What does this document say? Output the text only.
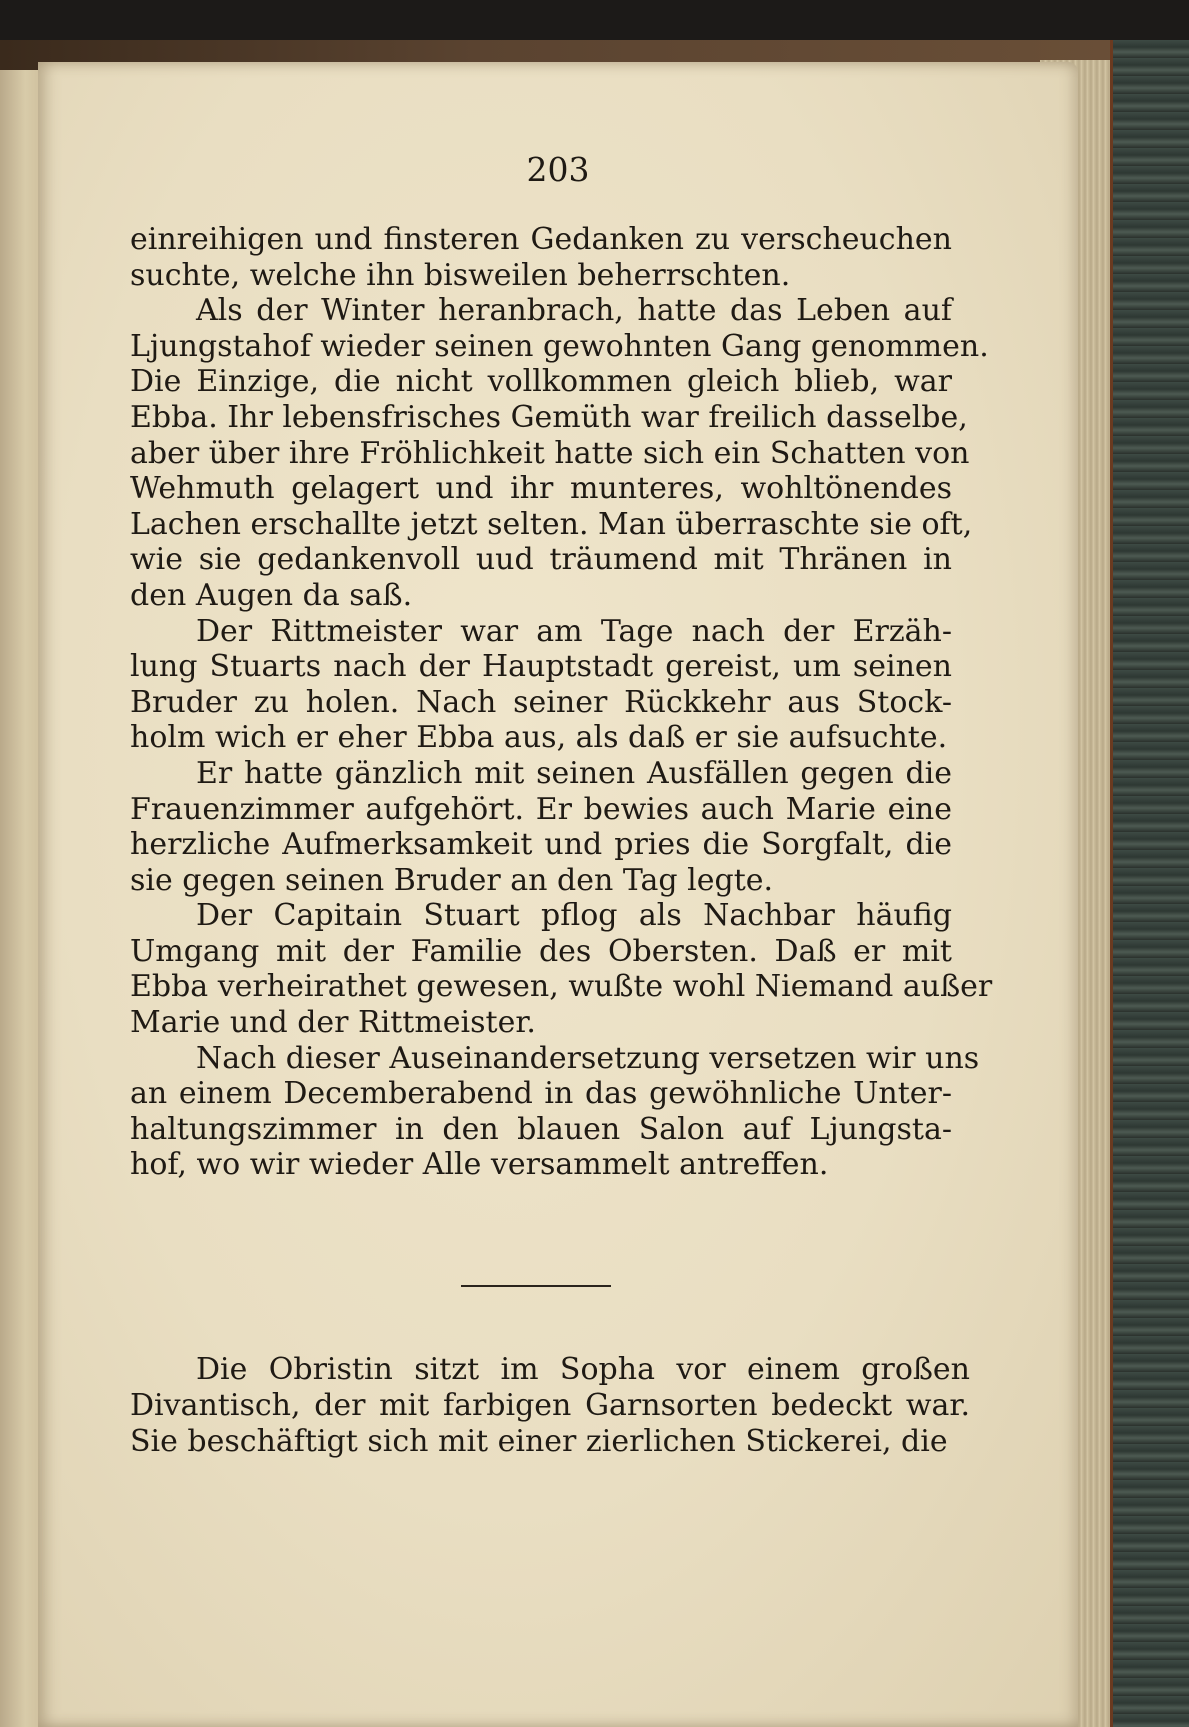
203
einreihigen und finsteren Gedanken zu verscheuchen
suchte, welche ihn bisweilen beherrschten.
Als der Winter heranbrach, hatte das Leben auf
Ljungstahof wieder seinen gewohnten Gang genommen.
Die Einzige, die nicht vollkommen gleich blieb, war
Ebba. Ihr lebensfrisches Gemüth war freilich dasselbe,
aber über ihre Fröhlichkeit hatte sich ein Schatten von
Wehmuth gelagert und ihr munteres, wohltönendes
Lachen erschallte jetzt selten. Man überraschte sie oft,
wie sie gedankenvoll uud träumend mit Thränen in
den Augen da saß.
Der Rittmeister war am Tage nach der Erzäh-
lung Stuarts nach der Hauptstadt gereist, um seinen
Bruder zu holen. Nach seiner Rückkehr aus Stock-
holm wich er eher Ebba aus, als daß er sie aufsuchte.
Er hatte gänzlich mit seinen Ausfällen gegen die
Frauenzimmer aufgehört. Er bewies auch Marie eine
herzliche Aufmerksamkeit und pries die Sorgfalt, die
sie gegen seinen Bruder an den Tag legte.
Der Capitain Stuart pflog als Nachbar häufig
Umgang mit der Familie des Obersten. Daß er mit
Ebba verheirathet gewesen, wußte wohl Niemand außer
Marie und der Rittmeister.
Nach dieser Auseinandersetzung versetzen wir uns
an einem Decemberabend in das gewöhnliche Unter-
haltungszimmer in den blauen Salon auf Ljungsta-
hof, wo wir wieder Alle versammelt antreffen.
Die Obristin sitzt im Sopha vor einem großen
Divantisch, der mit farbigen Garnsorten bedeckt war.
Sie beschäftigt sich mit einer zierlichen Stickerei, die
